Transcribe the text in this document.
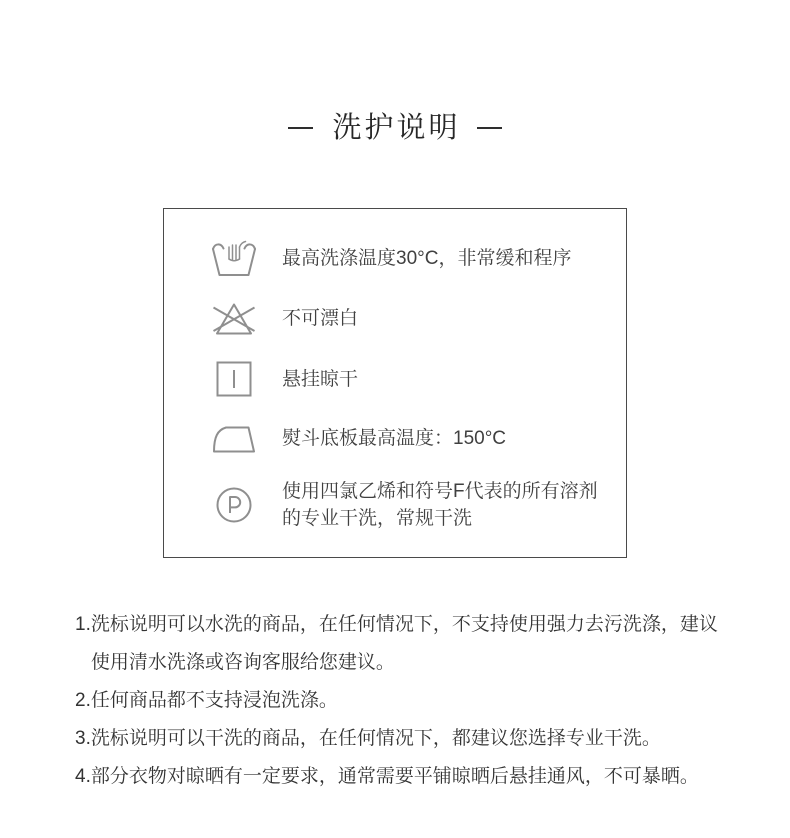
洗护说明
最高洗涤温度30°C，非常缓和程序
不可漂白
悬挂晾干
熨斗底板最高温度：150°C
使用四氯乙烯和符号F代表的所有溶剂的专业干洗，常规干洗
1. 洗标说明可以水洗的商品，在任何情况下，不支持使用强力去污洗涤，建议使用清水洗涤或咨询客服给您建议。
2. 任何商品都不支持浸泡洗涤。
3. 洗标说明可以干洗的商品，在任何情况下，都建议您选择专业干洗。
4. 部分衣物对晾晒有一定要求，通常需要平铺晾晒后悬挂通风，不可暴晒。
